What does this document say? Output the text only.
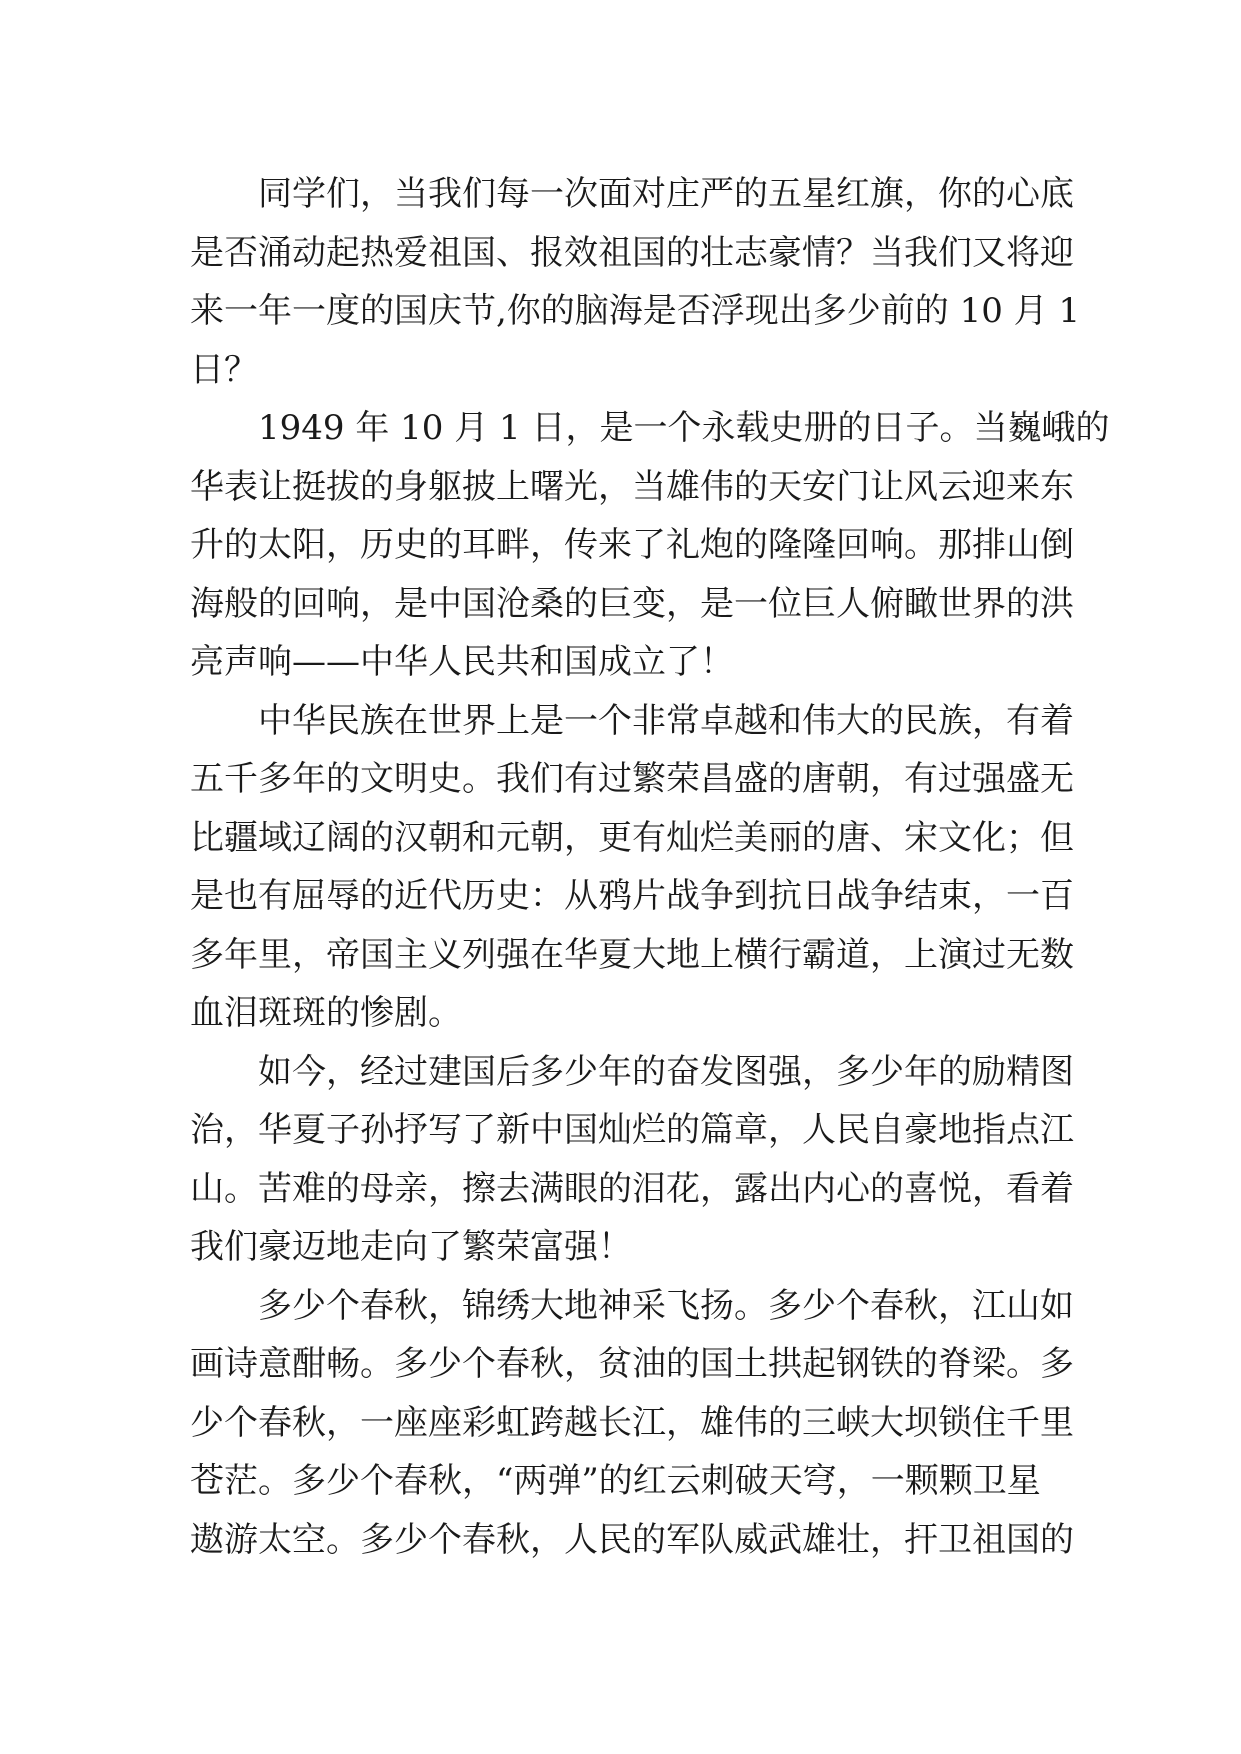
　　同学们，当我们每一次面对庄严的五星红旗，你的心底
是否涌动起热爱祖国、报效祖国的壮志豪情？当我们又将迎
来一年一度的国庆节,你的脑海是否浮现出多少前的 10 月 1
日？
　　1949 年 10 月 1 日，是一个永载史册的日子。当巍峨的
华表让挺拔的身躯披上曙光，当雄伟的天安门让风云迎来东
升的太阳，历史的耳畔，传来了礼炮的隆隆回响。那排山倒
海般的回响，是中国沧桑的巨变，是一位巨人俯瞰世界的洪
亮声响——中华人民共和国成立了！
　　中华民族在世界上是一个非常卓越和伟大的民族，有着
五千多年的文明史。我们有过繁荣昌盛的唐朝，有过强盛无
比疆域辽阔的汉朝和元朝，更有灿烂美丽的唐、宋文化；但
是也有屈辱的近代历史：从鸦片战争到抗日战争结束，一百
多年里，帝国主义列强在华夏大地上横行霸道，上演过无数
血泪斑斑的惨剧。
　　如今，经过建国后多少年的奋发图强，多少年的励精图
治，华夏子孙抒写了新中国灿烂的篇章，人民自豪地指点江
山。苦难的母亲，擦去满眼的泪花，露出内心的喜悦，看着
我们豪迈地走向了繁荣富强！
　　多少个春秋，锦绣大地神采飞扬。多少个春秋，江山如
画诗意酣畅。多少个春秋，贫油的国土拱起钢铁的脊梁。多
少个春秋，一座座彩虹跨越长江，雄伟的三峡大坝锁住千里
苍茫。多少个春秋，“两弹”的红云刺破天穹，一颗颗卫星
遨游太空。多少个春秋，人民的军队威武雄壮，扞卫祖国的
